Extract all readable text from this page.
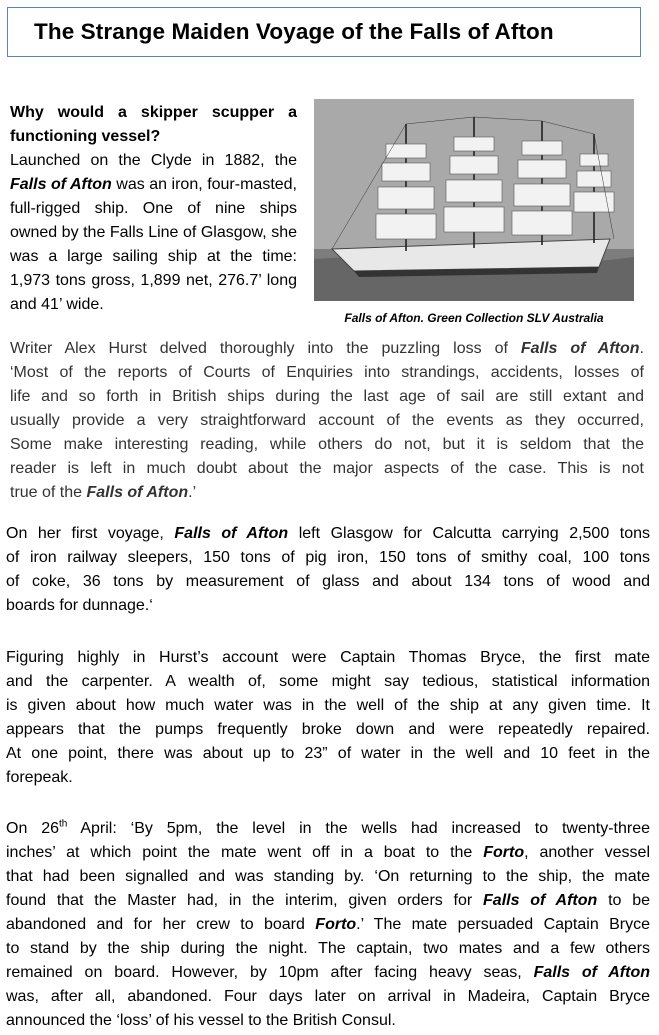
The Strange Maiden Voyage of the Falls of Afton
Why would a skipper scupper a functioning vessel?
Launched on the Clyde in 1882, the Falls of Afton was an iron, four-masted, full-rigged ship. One of nine ships owned by the Falls Line of Glasgow, she was a large sailing ship at the time: 1,973 tons gross, 1,899 net, 276.7’ long and 41’ wide.
Falls of Afton. Green Collection SLV Australia
Writer Alex Hurst delved thoroughly into the puzzling loss of Falls of Afton.
‘Most of the reports of Courts of Enquiries into strandings, accidents, losses of
life and so forth in British ships during the last age of sail are still extant and
usually provide a very straightforward account of the events as they occurred,
Some make interesting reading, while others do not, but it is seldom that the
reader is left in much doubt about the major aspects of the case. This is not
true of the Falls of Afton.’
On her first voyage, Falls of Afton left Glasgow for Calcutta carrying 2,500 tons
of iron railway sleepers, 150 tons of pig iron, 150 tons of smithy coal, 100 tons
of coke, 36 tons by measurement of glass and about 134 tons of wood and
boards for dunnage.‘
Figuring highly in Hurst’s account were Captain Thomas Bryce, the first mate
and the carpenter. A wealth of, some might say tedious, statistical information
is given about how much water was in the well of the ship at any given time. It
appears that the pumps frequently broke down and were repeatedly repaired.
At one point, there was about up to 23” of water in the well and 10 feet in the
forepeak.
On 26th April: ‘By 5pm, the level in the wells had increased to twenty-three
inches’ at which point the mate went off in a boat to the Forto, another vessel
that had been signalled and was standing by. ‘On returning to the ship, the mate
found that the Master had, in the interim, given orders for Falls of Afton to be
abandoned and for her crew to board Forto.’ The mate persuaded Captain Bryce
to stand by the ship during the night. The captain, two mates and a few others
remained on board. However, by 10pm after facing heavy seas, Falls of Afton
was, after all, abandoned. Four days later on arrival in Madeira, Captain Bryce
announced the ‘loss’ of his vessel to the British Consul.
